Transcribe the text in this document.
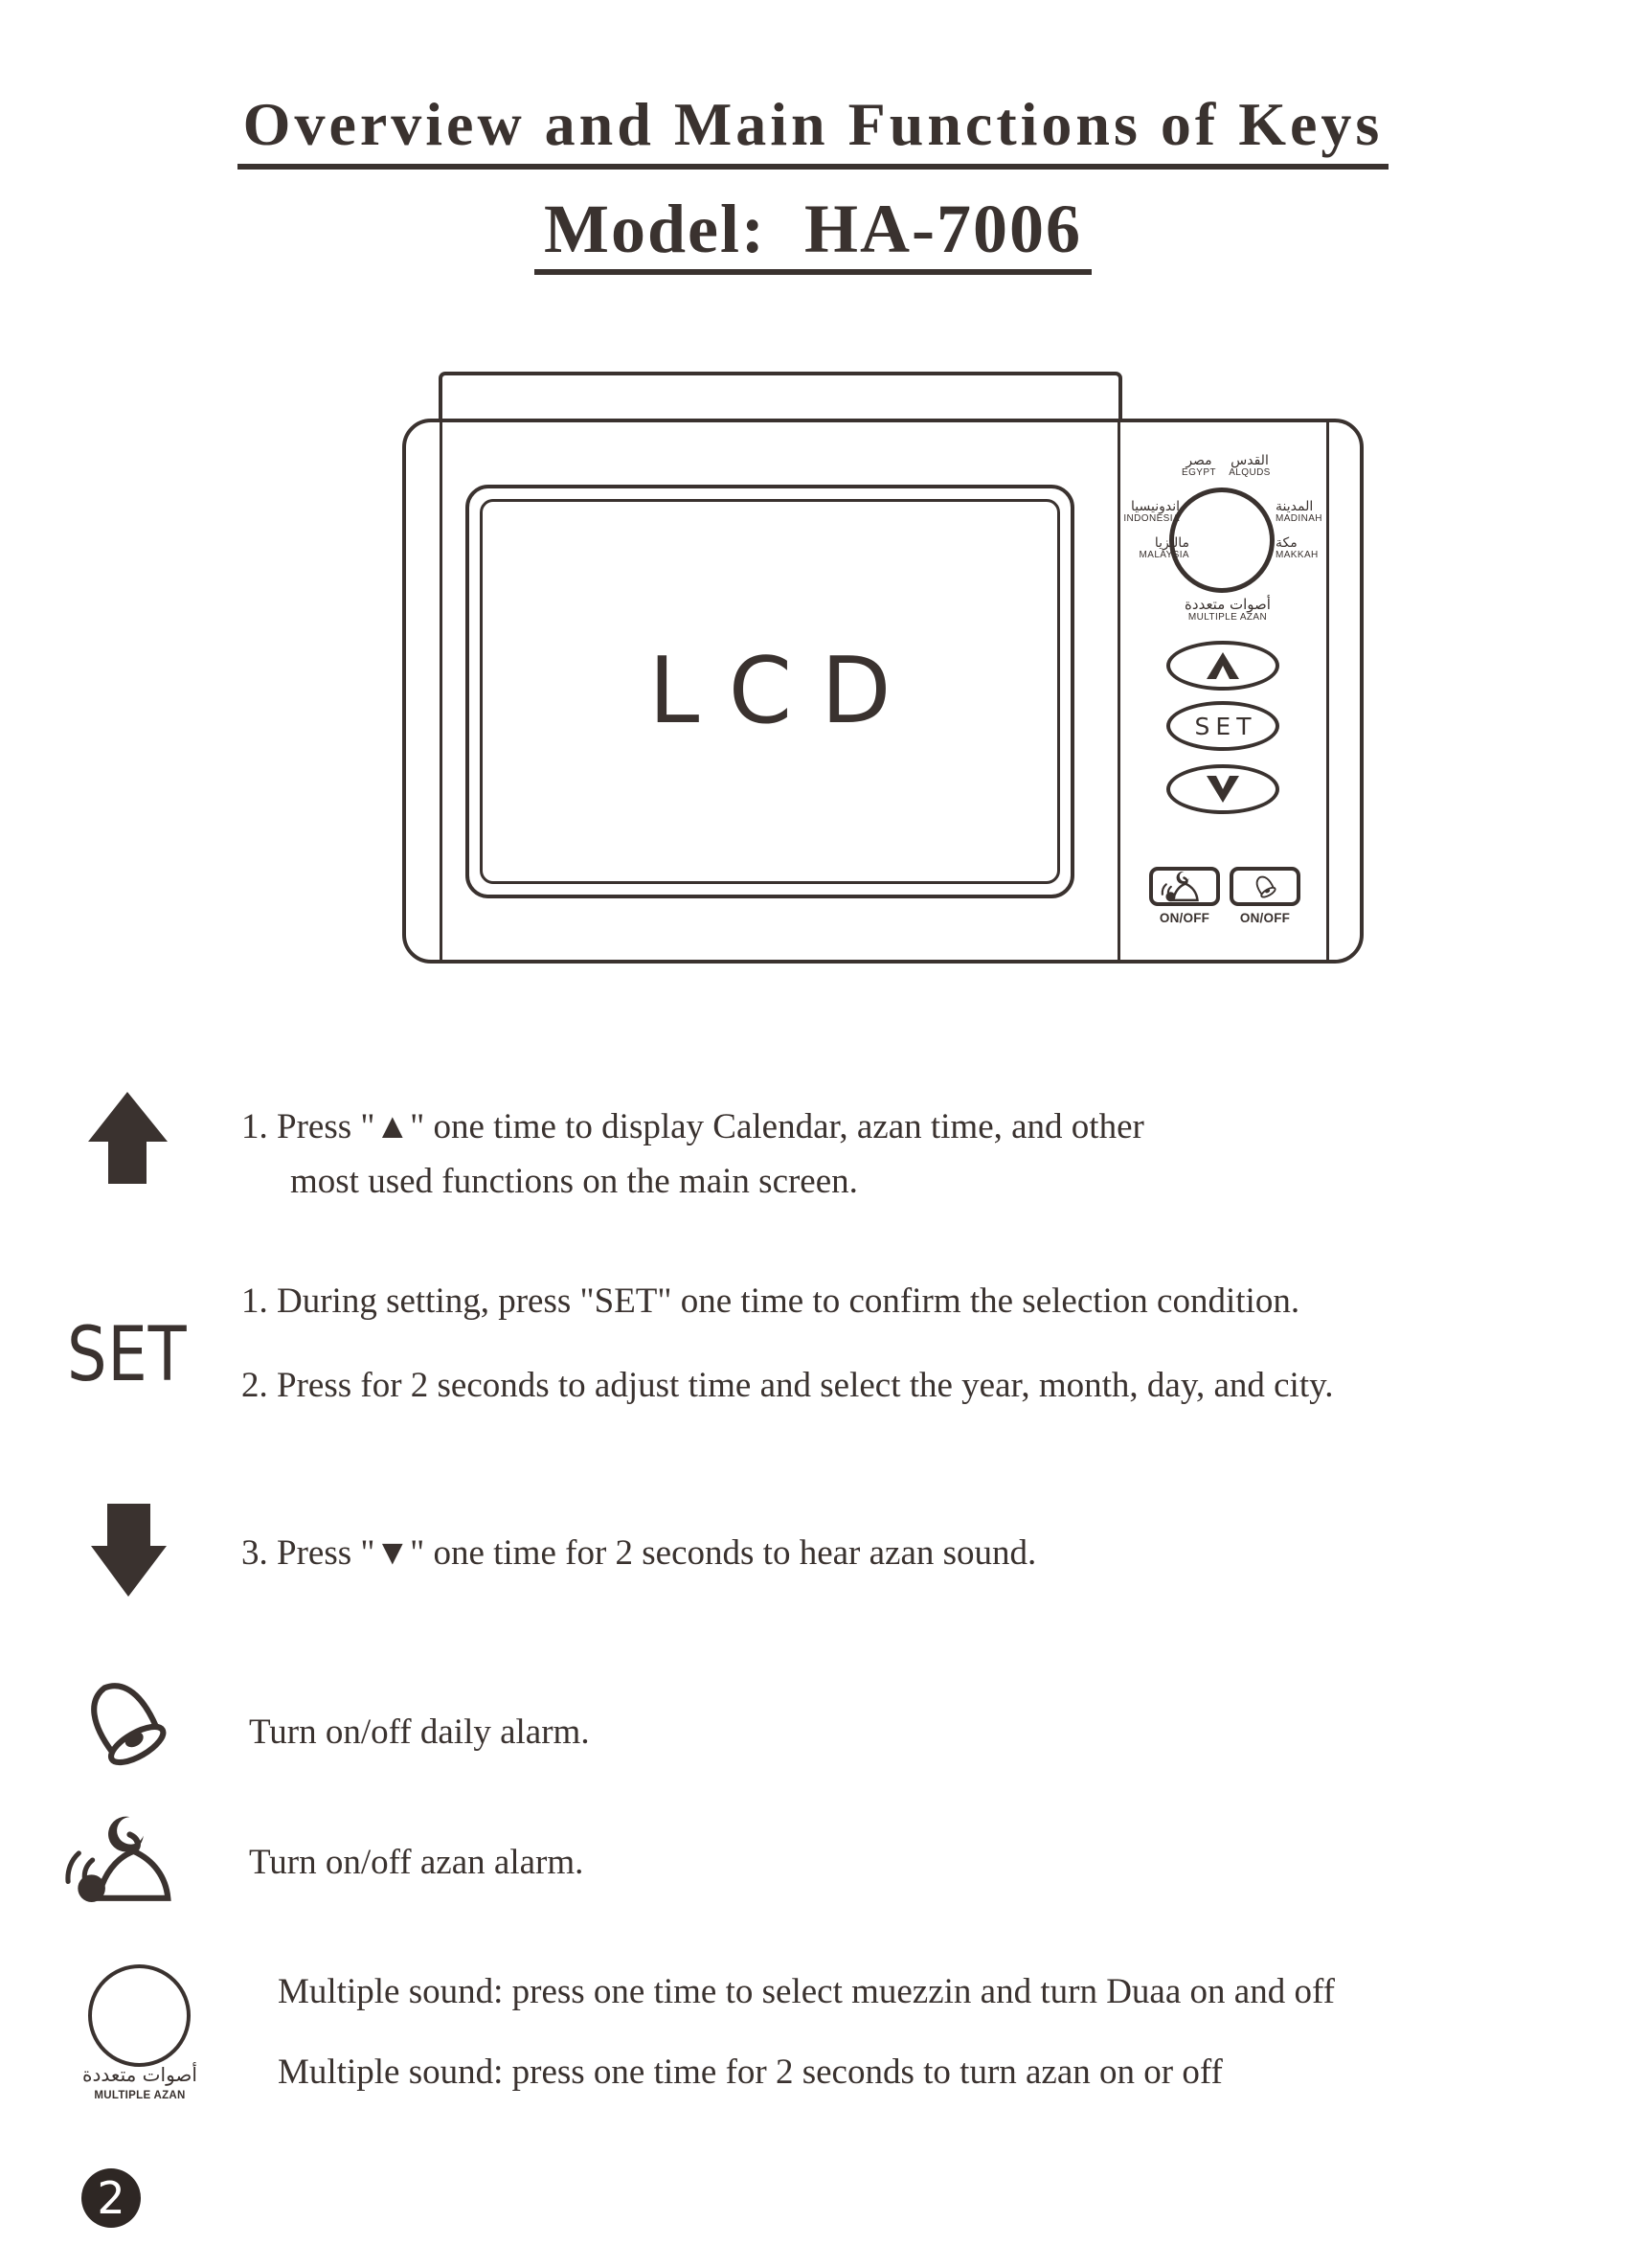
Overview and Main Functions of Keys
Model:  HA-7006
LCD
مصر
EGYPT
القدس
ALQUDS
اندونيسيا
INDONESIA
المدينة
MADINAH
ماليزيا
MALAYSIA
مكة
MAKKAH
أصوات متعددة
MULTIPLE AZAN
SET
ON/OFF	ON/OFF
1. Press "▲" one time to display Calendar, azan time, and other
most used functions on the main screen.
SET
1. During setting, press "SET" one time to confirm the selection condition.
2. Press for 2 seconds to adjust time and select the year, month, day, and city.
3. Press "▼" one time for 2 seconds to hear azan sound.
Turn on/off daily alarm.
Turn on/off azan alarm.
أصوات متعددة
MULTIPLE AZAN
Multiple sound: press one time to select muezzin and turn Duaa on and off
Multiple sound: press one time for 2 seconds to turn azan on or off
2
